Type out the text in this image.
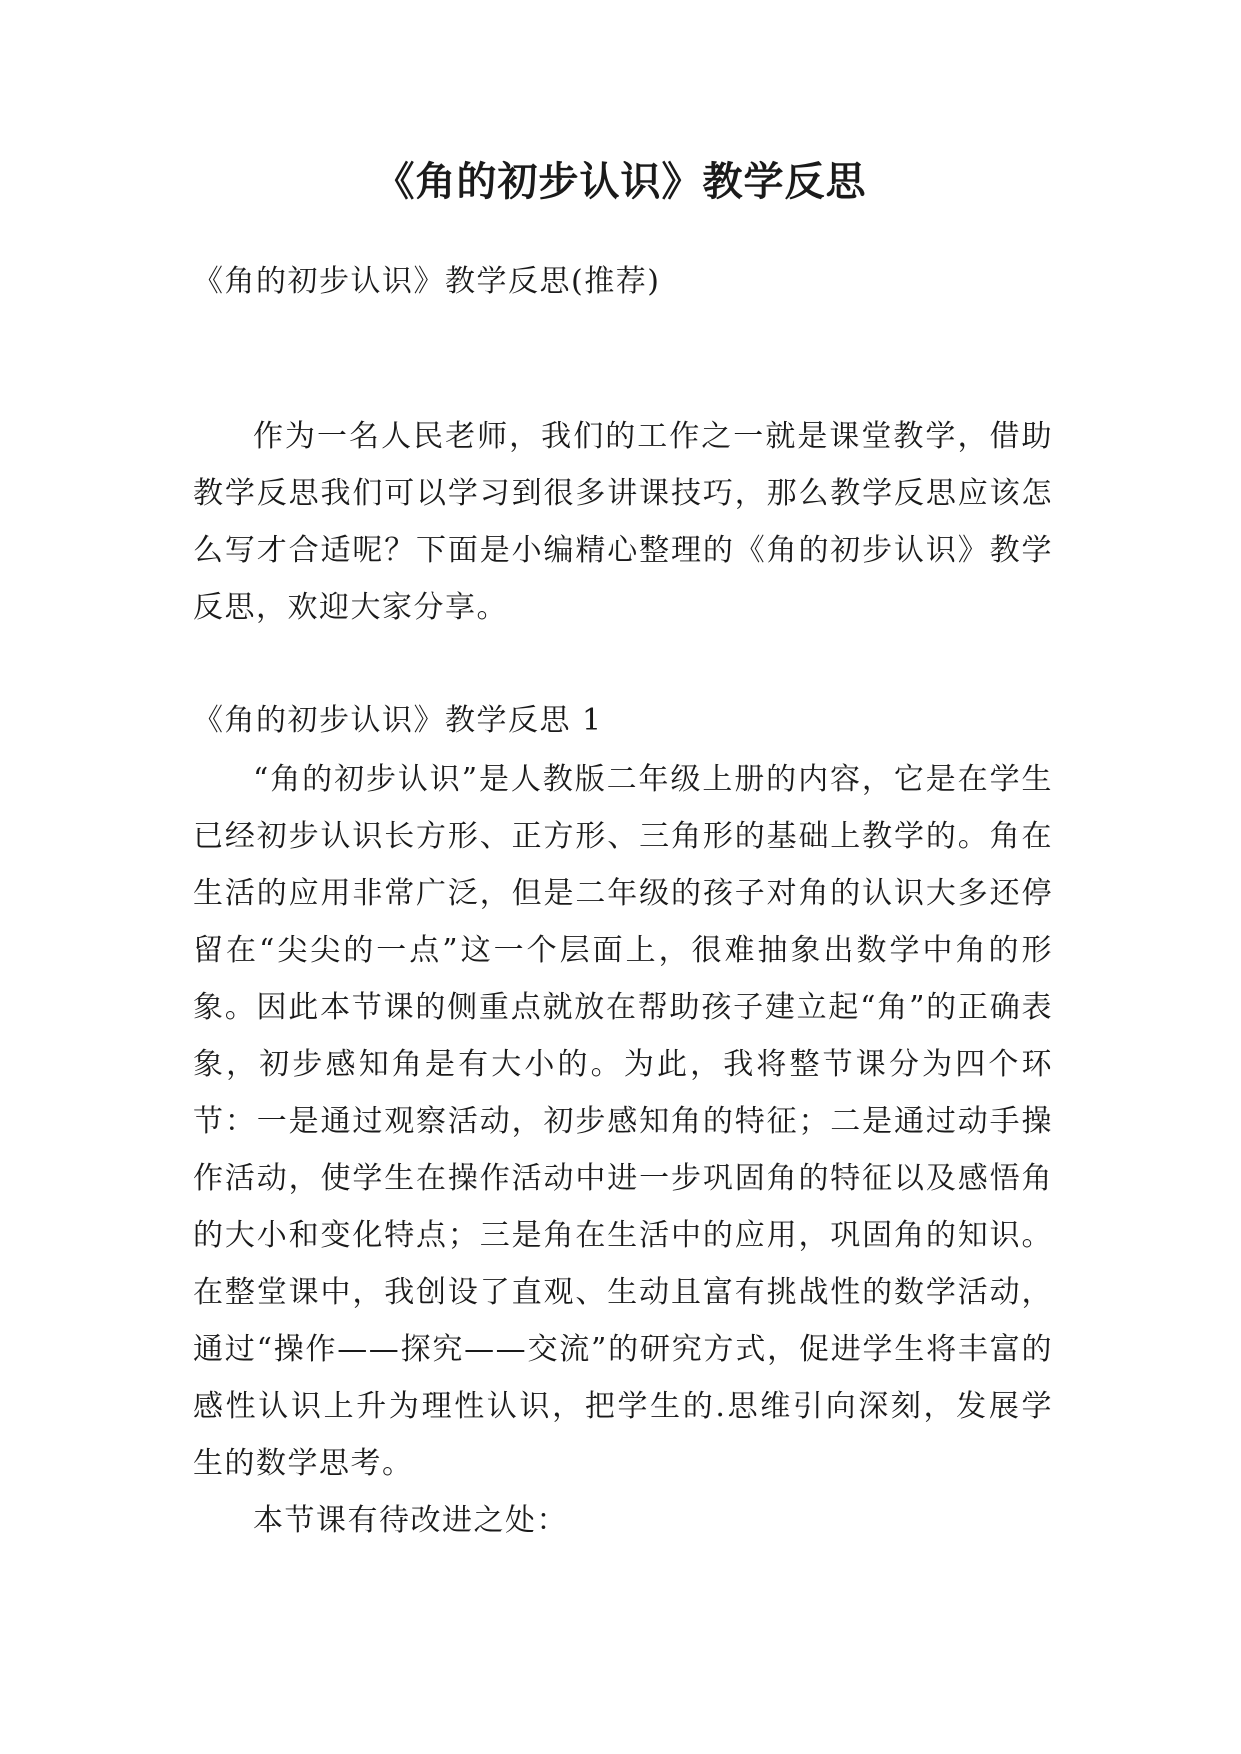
《角的初步认识》教学反思

《角的初步认识》教学反思(推荐)

作为一名人民老师，我们的工作之一就是课堂教学，借助教学反思我们可以学习到很多讲课技巧，那么教学反思应该怎么写才合适呢？下面是小编精心整理的《角的初步认识》教学反思，欢迎大家分享。

《角的初步认识》教学反思 1

“角的初步认识”是人教版二年级上册的内容，它是在学生已经初步认识长方形、正方形、三角形的基础上教学的。角在生活的应用非常广泛，但是二年级的孩子对角的认识大多还停留在“尖尖的一点”这一个层面上，很难抽象出数学中角的形象。因此本节课的侧重点就放在帮助孩子建立起“角”的正确表象，初步感知角是有大小的。为此，我将整节课分为四个环节：一是通过观察活动，初步感知角的特征；二是通过动手操作活动，使学生在操作活动中进一步巩固角的特征以及感悟角的大小和变化特点；三是角在生活中的应用，巩固角的知识。在整堂课中，我创设了直观、生动且富有挑战性的数学活动，通过“操作——探究——交流”的研究方式，促进学生将丰富的感性认识上升为理性认识，把学生的.思维引向深刻，发展学生的数学思考。

本节课有待改进之处：
